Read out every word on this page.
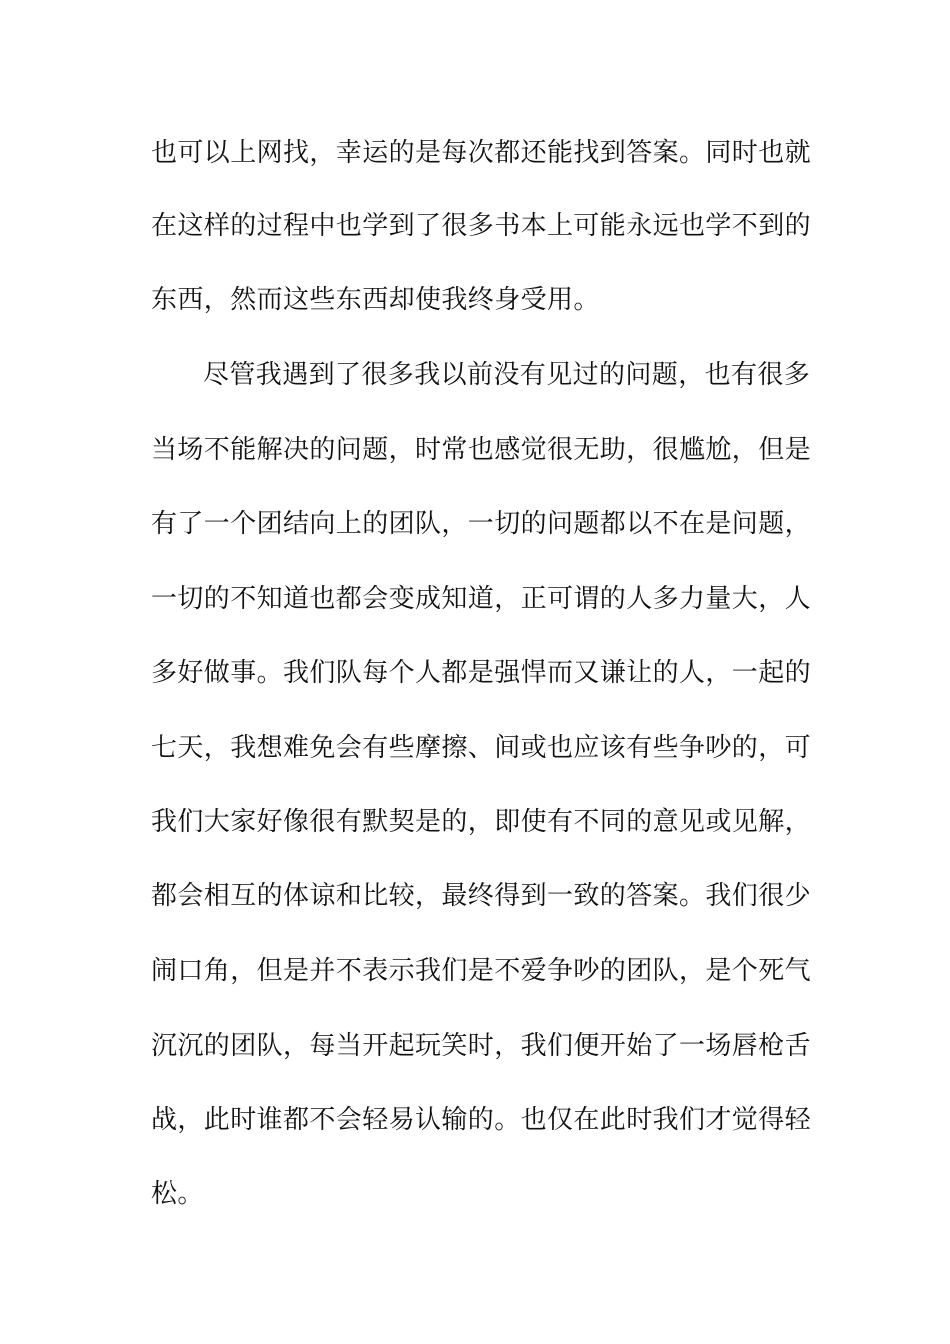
也可以上网找，幸运的是每次都还能找到答案。同时也就
在这样的过程中也学到了很多书本上可能永远也学不到的
东西，然而这些东西却使我终身受用。
尽管我遇到了很多我以前没有见过的问题，也有很多
当场不能解决的问题，时常也感觉很无助，很尴尬，但是
有了一个团结向上的团队，一切的问题都以不在是问题，
一切的不知道也都会变成知道，正可谓的人多力量大，人
多好做事。我们队每个人都是强悍而又谦让的人，一起的
七天，我想难免会有些摩擦、间或也应该有些争吵的，可
我们大家好像很有默契是的，即使有不同的意见或见解，
都会相互的体谅和比较，最终得到一致的答案。我们很少
闹口角，但是并不表示我们是不爱争吵的团队，是个死气
沉沉的团队，每当开起玩笑时，我们便开始了一场唇枪舌
战，此时谁都不会轻易认输的。也仅在此时我们才觉得轻
松。
